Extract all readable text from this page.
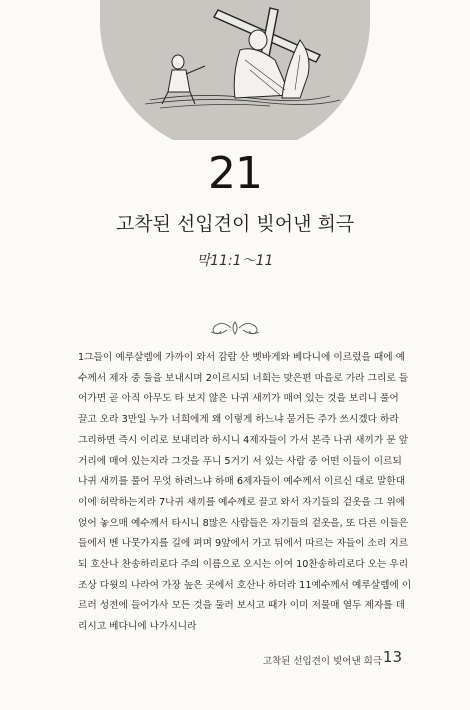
21
고착된 선입견이 빚어낸 희극
막11:1～11
1그들이 예루살렘에 가까이 와서 감람 산 벳바게와 베다니에 이르렀을 때에 예
수께서 제자 중 둘을 보내시며 2이르시되 너희는 맞은편 마을로 가라 그리로 들
어가면 곧 아직 아무도 타 보지 않은 나귀 새끼가 매여 있는 것을 보리니 풀어
끌고 오라 3만일 누가 너희에게 왜 이렇게 하느냐 묻거든 주가 쓰시겠다 하라
그리하면 즉시 이리로 보내리라 하시니 4제자들이 가서 본즉 나귀 새끼가 문 앞
거리에 매여 있는지라 그것을 푸니 5거기 서 있는 사람 중 어떤 이들이 이르되
나귀 새끼를 풀어 무엇 하려느냐 하매 6제자들이 예수께서 이르신 대로 말한대
이에 허락하는지라 7나귀 새끼를 예수께로 끌고 와서 자기들의 겉옷을 그 위에
얹어 놓으매 예수께서 타시니 8많은 사람들은 자기들의 겉옷을, 또 다른 이들은
들에서 벤 나뭇가지를 길에 펴며 9앞에서 가고 뒤에서 따르는 자들이 소리 지르
되 호산나 찬송하리로다 주의 이름으로 오시는 이여 10찬송하리로다 오는 우리
조상 다윗의 나라여 가장 높은 곳에서 호산나 하더라 11예수께서 예루살렘에 이
르러 성전에 들어가사 모든 것을 둘러 보시고 때가 이미 저물매 열두 제자를 데
리시고 베다니에 나가시니라
고착된 선입견이 빚어낸 희극 13
